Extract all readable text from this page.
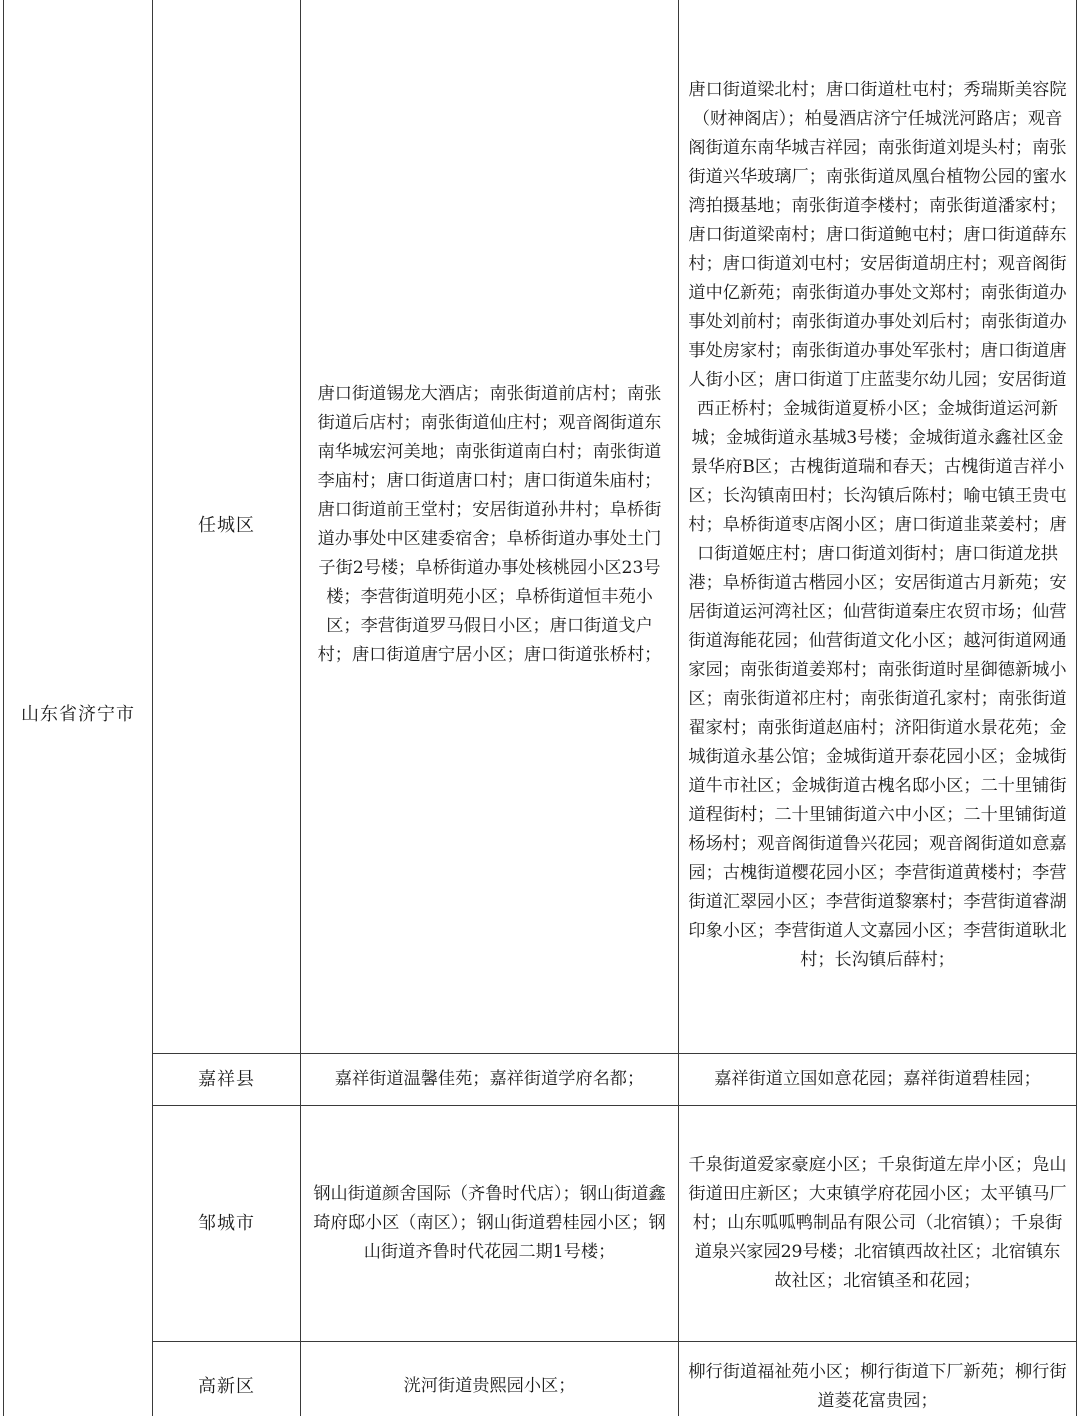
山东省济宁市	任城区	唐口街道锡龙大酒店；南张街道前店村；南张街道后店村；南张街道仙庄村；观音阁街道东南华城宏河美地；南张街道南白村；南张街道李庙村；唐口街道唐口村；唐口街道朱庙村；唐口街道前王堂村；安居街道孙井村；阜桥街道办事处中区建委宿舍；阜桥街道办事处土门子街2号楼；阜桥街道办事处核桃园小区23号楼；李营街道明苑小区；阜桥街道恒丰苑小区；李营街道罗马假日小区；唐口街道戈户村；唐口街道唐宁居小区；唐口街道张桥村；	唐口街道梁北村；唐口街道杜屯村；秀瑞斯美容院（财神阁店）；柏曼酒店济宁任城洸河路店；观音阁街道东南华城吉祥园；南张街道刘堤头村；南张街道兴华玻璃厂；南张街道凤凰台植物公园的蜜水湾拍摄基地；南张街道李楼村；南张街道潘家村；唐口街道梁南村；唐口街道鲍屯村；唐口街道薛东村；唐口街道刘屯村；安居街道胡庄村；观音阁街道中亿新苑；南张街道办事处文郑村；南张街道办事处刘前村；南张街道办事处刘后村；南张街道办事处房家村；南张街道办事处军张村；唐口街道唐人街小区；唐口街道丁庄蓝斐尔幼儿园；安居街道西正桥村；金城街道夏桥小区；金城街道运河新城；金城街道永基城3号楼；金城街道永鑫社区金景华府B区；古槐街道瑞和春天；古槐街道吉祥小区；长沟镇南田村；长沟镇后陈村；喻屯镇王贵屯村；阜桥街道枣店阁小区；唐口街道韭菜姜村；唐口街道姬庄村；唐口街道刘街村；唐口街道龙拱港；阜桥街道古楷园小区；安居街道古月新苑；安居街道运河湾社区；仙营街道秦庄农贸市场；仙营街道海能花园；仙营街道文化小区；越河街道网通家园；南张街道姜郑村；南张街道时星御德新城小区；南张街道祁庄村；南张街道孔家村；南张街道翟家村；南张街道赵庙村；济阳街道水景花苑；金城街道永基公馆；金城街道开泰花园小区；金城街道牛市社区；金城街道古槐名邸小区；二十里铺街道程街村；二十里铺街道六中小区；二十里铺街道杨场村；观音阁街道鲁兴花园；观音阁街道如意嘉园；古槐街道樱花园小区；李营街道黄楼村；李营街道汇翠园小区；李营街道黎寨村；李营街道睿湖印象小区；李营街道人文嘉园小区；李营街道耿北村；长沟镇后薛村；

	嘉祥县	嘉祥街道温馨佳苑；嘉祥街道学府名都；	嘉祥街道立国如意花园；嘉祥街道碧桂园；

	邹城市	钢山街道颜舍国际（齐鲁时代店）；钢山街道鑫琦府邸小区（南区）；钢山街道碧桂园小区；钢山街道齐鲁时代花园二期1号楼；	千泉街道爱家豪庭小区；千泉街道左岸小区；凫山街道田庄新区；大束镇学府花园小区；太平镇马厂村；山东呱呱鸭制品有限公司（北宿镇）；千泉街道泉兴家园29号楼；北宿镇西故社区；北宿镇东故社区；北宿镇圣和花园；

	高新区	洸河街道贵熙园小区；	柳行街道福祉苑小区；柳行街道下厂新苑；柳行街道菱花富贵园；
